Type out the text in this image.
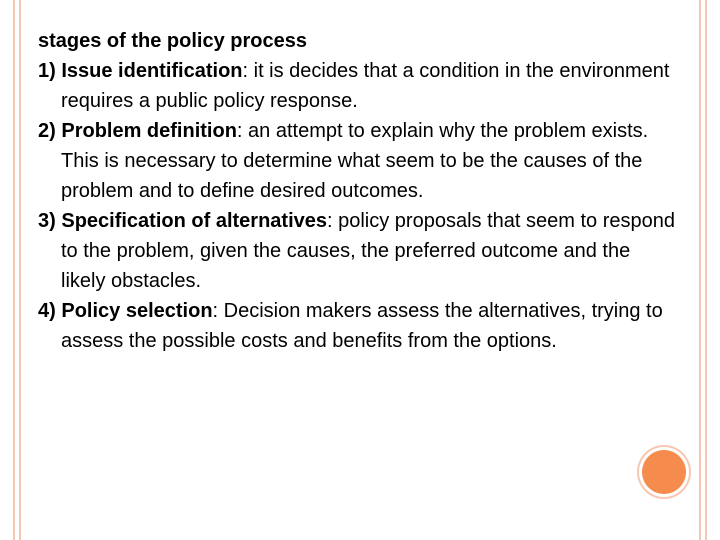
stages of the policy process
1) Issue identification: it is decides that a condition in the environment requires a public policy response.
2) Problem definition: an attempt to explain why the problem exists. This is necessary to determine what seem to be the causes of the problem and to define desired outcomes.
3) Specification of alternatives: policy proposals that seem to respond to the problem, given the causes, the preferred outcome and the likely obstacles.
4) Policy selection: Decision makers assess the alternatives, trying to assess the possible costs and benefits from the options.
